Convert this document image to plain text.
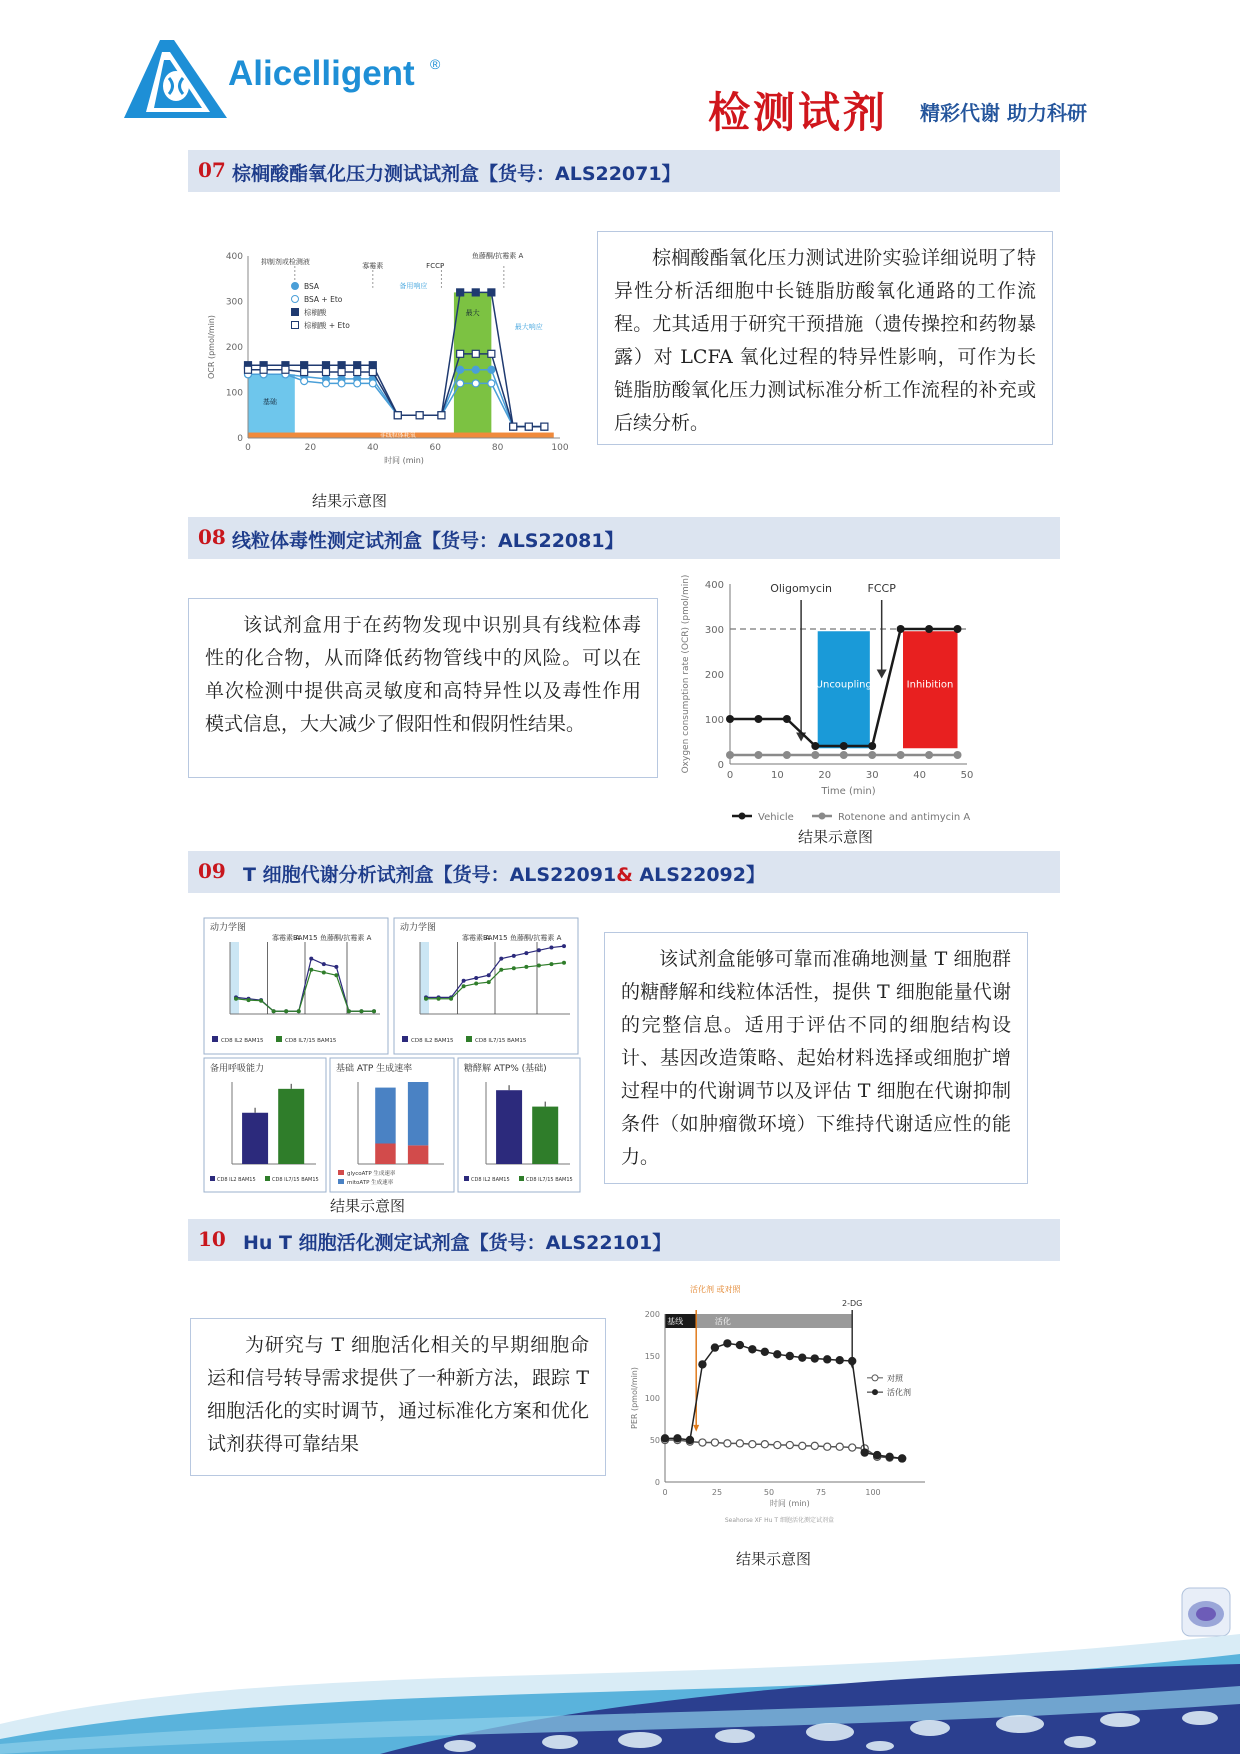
Alicelligent ®
检测试剂 精彩代谢 助力科研
07 棕榈酸酯氧化压力测试试剂盒【货号：ALS22071】
0
100
200
300
400
0	20	40	60	80	100
时间 (min)
OCR (pmol/min)
BSA
BSA + Eto
棕榈酸
棕榈酸 + Eto
抑制剂或检测液	寡霉素	FCCP
鱼藤酮/抗霉素 A
基础
最大
备用响应
最大响应
非线粒体耗氧
结果示意图

棕榈酸酯氧化压力测试进阶实验详细说明了特异性分析活细胞中长链脂肪酸氧化通路的工作流程。尤其适用于研究干预措施（遗传操控和药物暴露）对 LCFA 氧化过程的特异性影响，可作为长链脂肪酸氧化压力测试标准分析工作流程的补充或后续分析。

08 线粒体毒性测定试剂盒【货号：ALS22081】

该试剂盒用于在药物发现中识别具有线粒体毒性的化合物，从而降低药物管线中的风险。可以在单次检测中提供高灵敏度和高特异性以及毒性作用模式信息，大大减少了假阳性和假阴性结果。

Uncoupling	Inhibition
0
100
200
300
400
0	10	20	30	40	50
Time (min)
Oxygen consumption rate (OCR) (pmol/min)	Oligomycin	FCCP
Vehicle	Rotenone and antimycin A
结果示意图
09 T 细胞代谢分析试剂盒【货号：ALS22091& ALS22092】
动力学图
寡霉素 A
BAM15 鱼藤酮/抗霉素 A
CD8 IL2 BAM15	CD8 IL7/15 BAM15
动力学图
寡霉素 A
BAM15 鱼藤酮/抗霉素 A
CD8 IL2 BAM15	CD8 IL7/15 BAM15
备用呼吸能力
CD8 IL2 BAM15	CD8 IL7/15 BAM15
基础 ATP 生成速率
glycoATP 生成速率
mitoATP 生成速率
糖酵解 ATP% (基础)
CD8 IL2 BAM15	CD8 IL7/15 BAM15
结果示意图

该试剂盒能够可靠而准确地测量 T 细胞群的糖酵解和线粒体活性，提供 T 细胞能量代谢的完整信息。适用于评估不同的细胞结构设计、基因改造策略、起始材料选择或细胞扩增过程中的代谢调节以及评估 T 细胞在代谢抑制条件（如肿瘤微环境）下维持代谢适应性的能力。

10 Hu T 细胞活化测定试剂盒【货号：ALS22101】

为研究与 T 细胞活化相关的早期细胞命运和信号转导需求提供了一种新方法，跟踪 T 细胞活化的实时调节，通过标准化方案和优化试剂获得可靠结果

基线	活化
0
50
100
150
200
0	25	50	75	100
时间 (min)
PER (pmol/min)
活化剂 或对照
2-DG
对照
活化剂
Seahorse XF Hu T 细胞活化测定试剂盒
结果示意图
